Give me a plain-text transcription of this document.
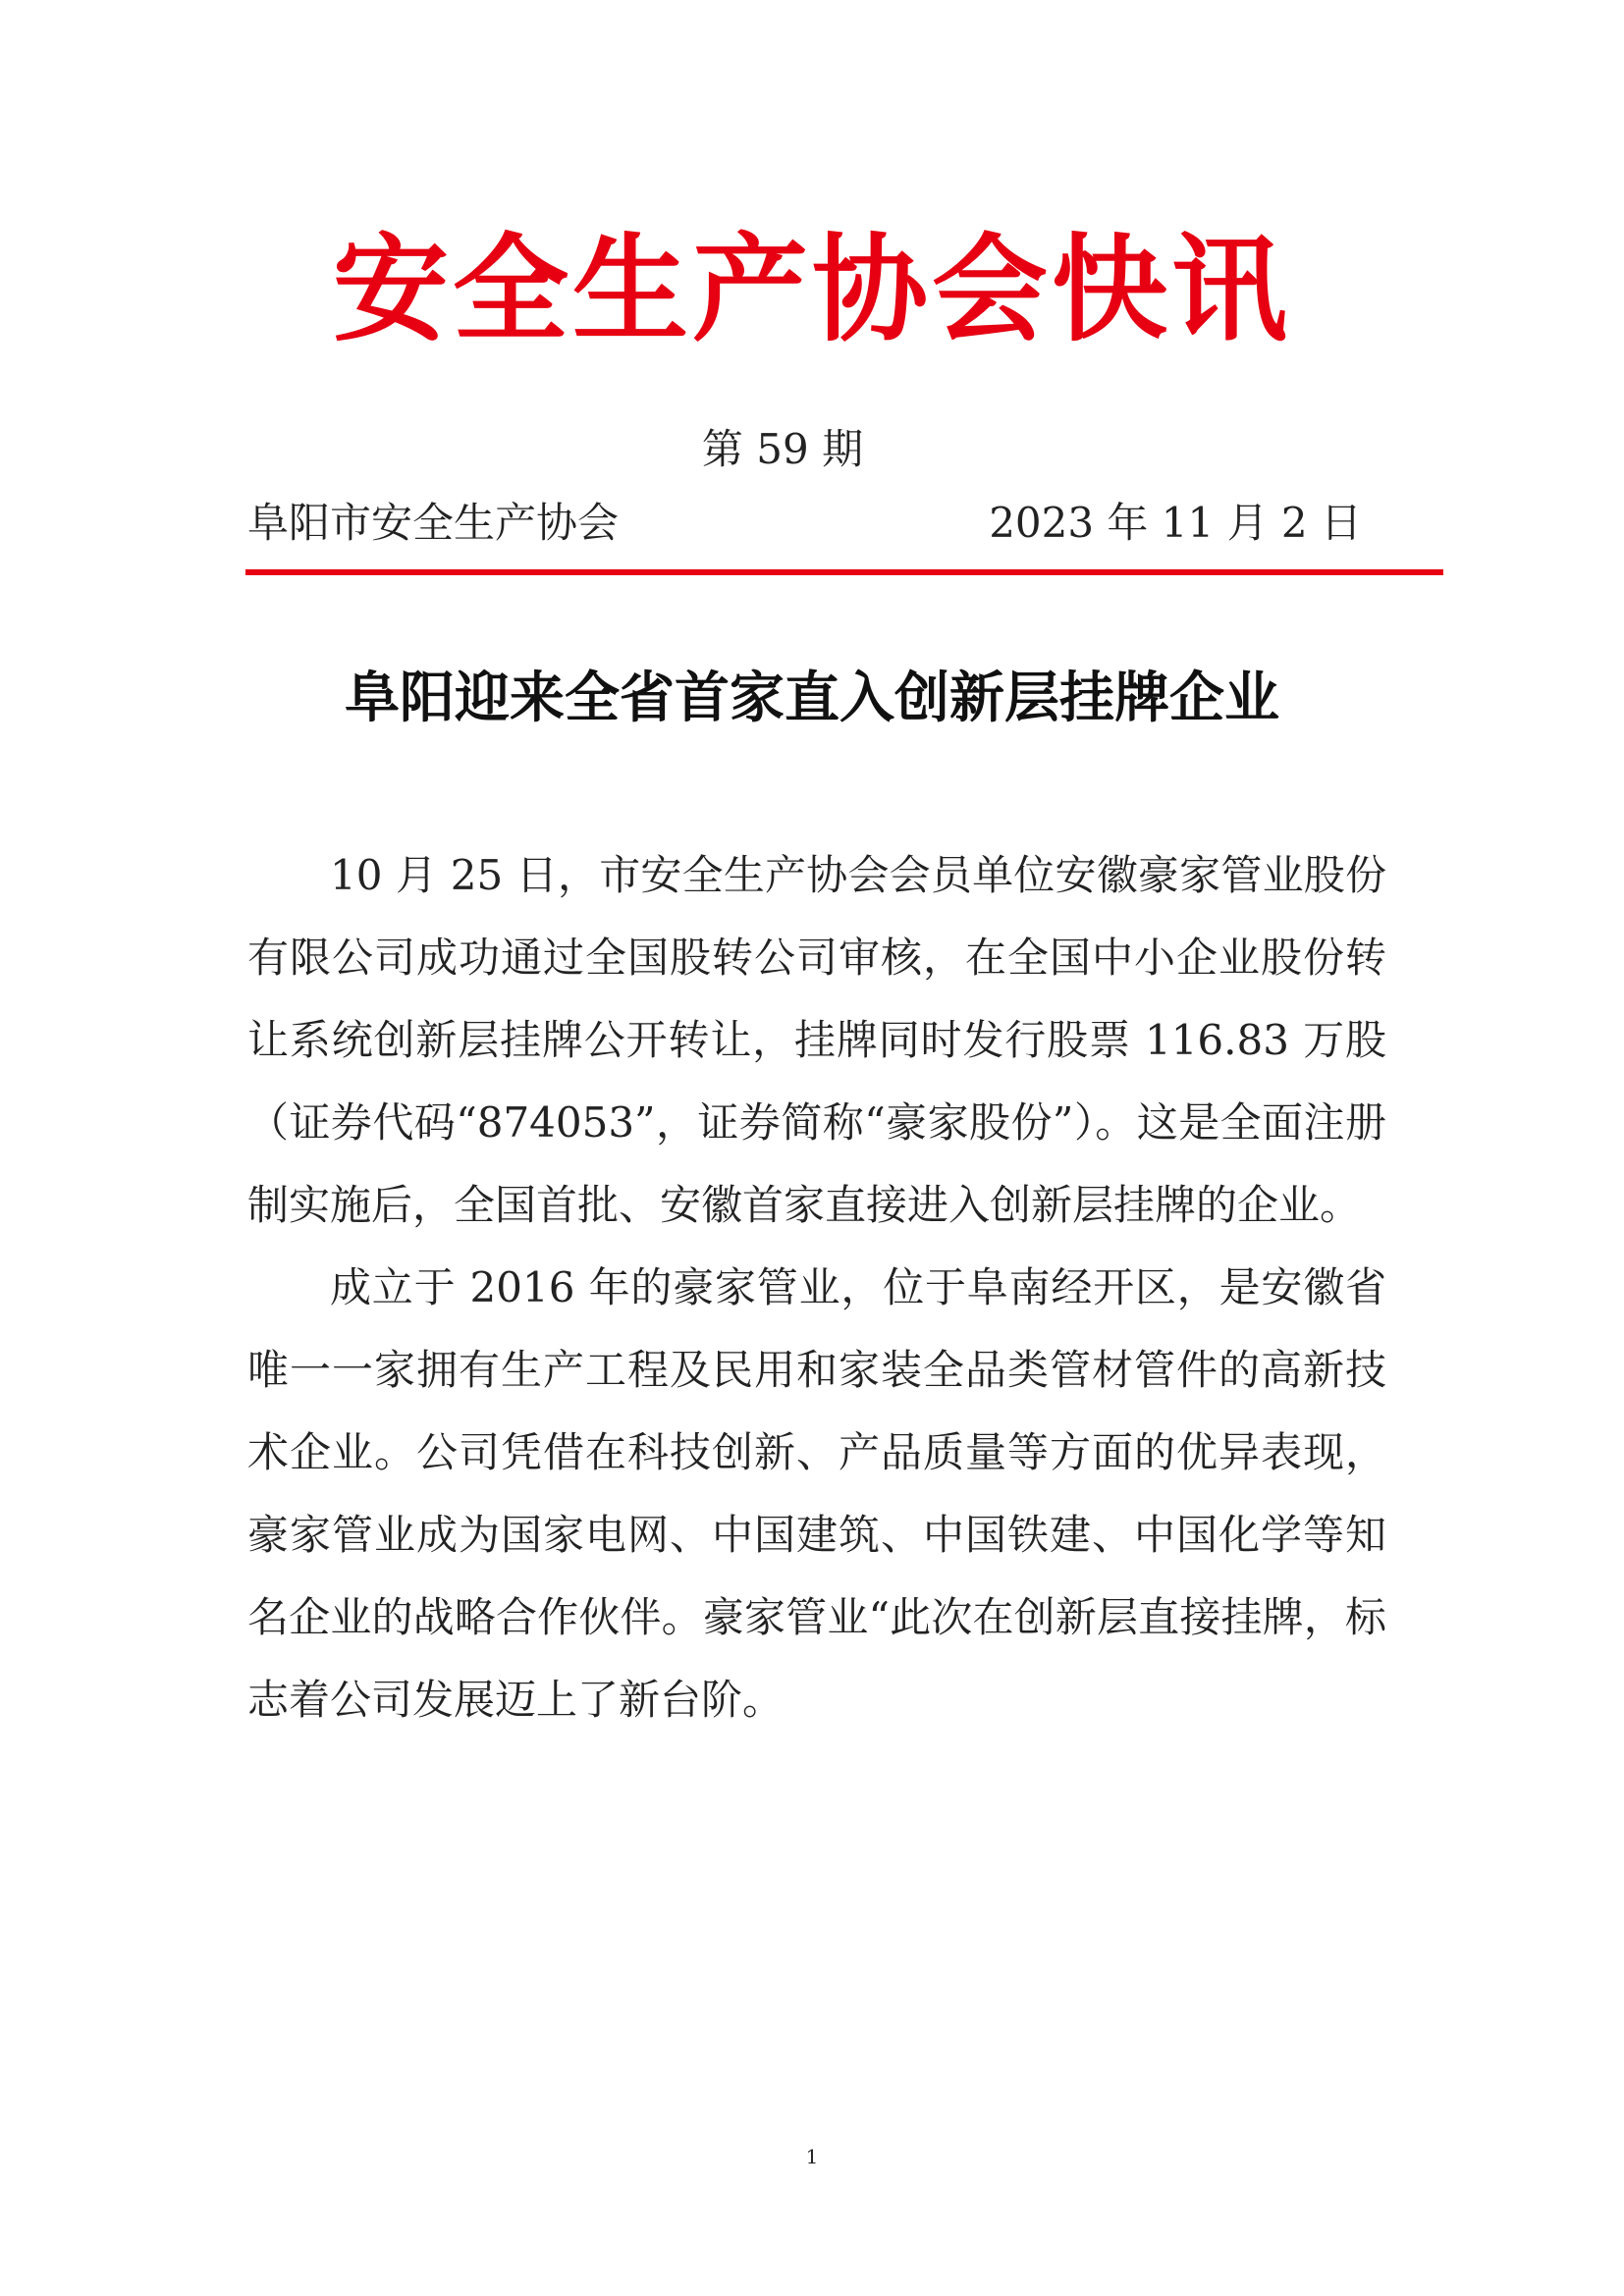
安全生产协会快讯
第 59 期
阜阳市安全生产协会	2023 年 11 月 2 日
阜阳迎来全省首家直入创新层挂牌企业

10 月 25 日，市安全生产协会会员单位安徽豪家管业股份有限公司成功通过全国股转公司审核，在全国中小企业股份转让系统创新层挂牌公开转让，挂牌同时发行股票 116.83 万股（证券代码“874053”，证券简称“豪家股份”）。这是全面注册制实施后，全国首批、安徽首家直接进入创新层挂牌的企业。

成立于 2016 年的豪家管业，位于阜南经开区，是安徽省唯一一家拥有生产工程及民用和家装全品类管材管件的高新技术企业。公司凭借在科技创新、产品质量等方面的优异表现，豪家管业成为国家电网、中国建筑、中国铁建、中国化学等知名企业的战略合作伙伴。豪家管业“此次在创新层直接挂牌，标志着公司发展迈上了新台阶。

1
